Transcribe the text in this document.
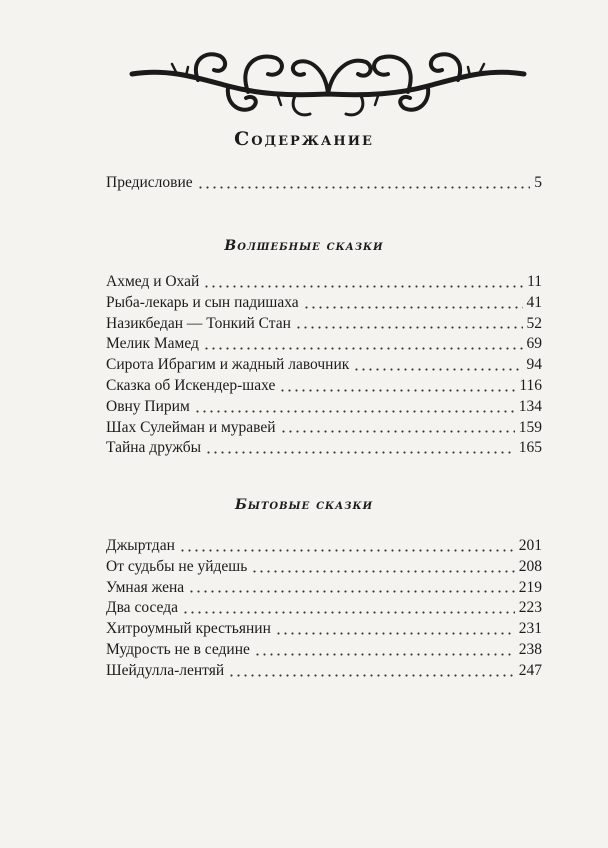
Содержание
Предисловие	5
Волшебные сказки
Ахмед и Охай	11
Рыба-лекарь и сын падишаха	41
Назикбедан — Тонкий Стан	52
Мелик Мамед	69
Сирота Ибрагим и жадный лавочник	94
Сказка об Искендер-шахе	116
Овну Пирим	134
Шах Сулейман и муравей	159
Тайна дружбы	165
Бытовые сказки
Джыртдан	201
От судьбы не уйдешь	208
Умная жена	219
Два соседа	223
Хитроумный крестьянин	231
Мудрость не в седине	238
Шейдулла-лентяй	247
